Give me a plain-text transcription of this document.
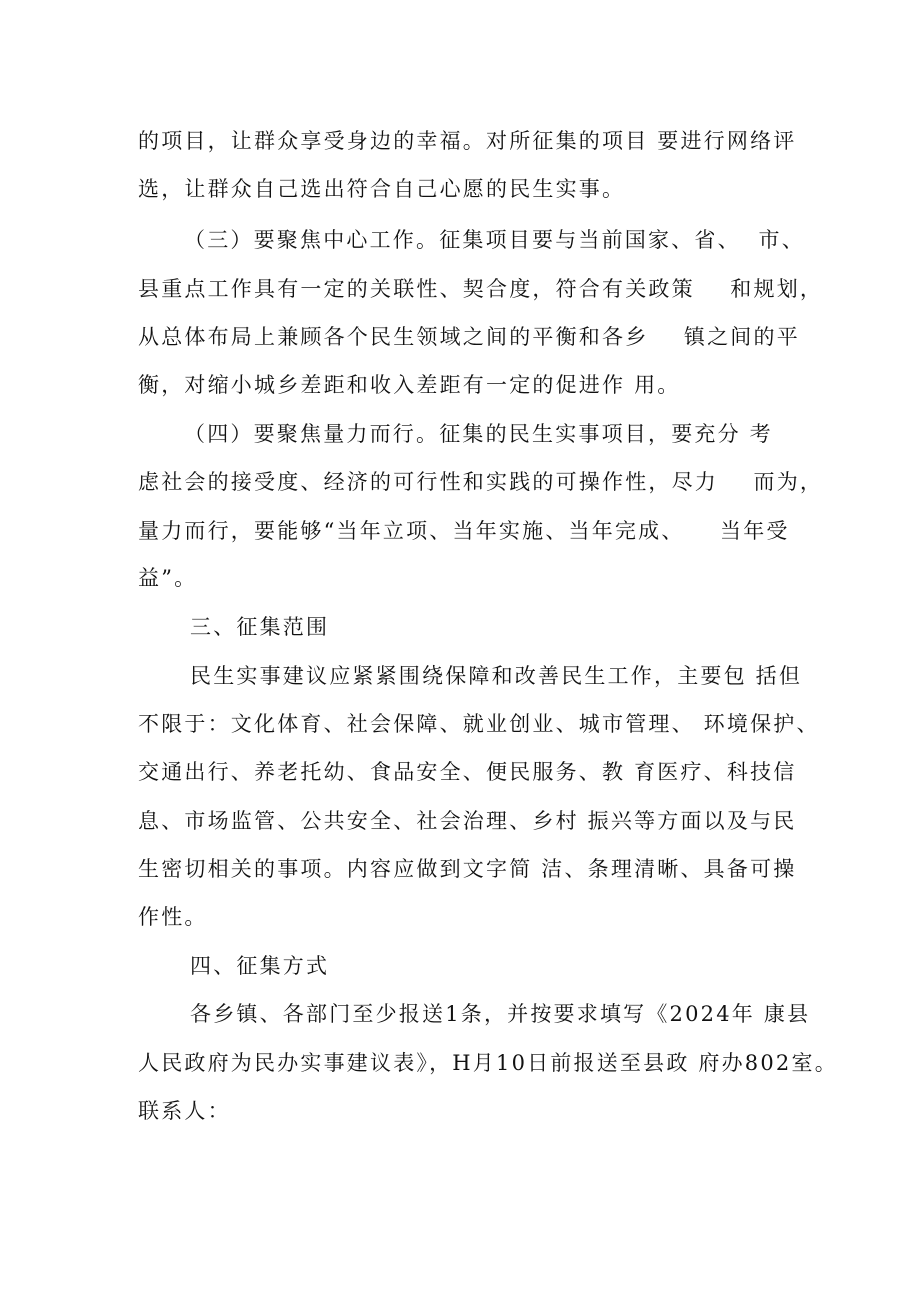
的项目，让群众享受身边的幸福。对所征集的项目 要进行网络评

选，让群众自己选出符合自己心愿的民生实事。

（三）要聚焦中心工作。征集项目要与当前国家、省、  市、

县重点工作具有一定的关联性、契合度，符合有关政策    和规划，

从总体布局上兼顾各个民生领域之间的平衡和各乡    镇之间的平

衡，对缩小城乡差距和收入差距有一定的促进作 用。

（四）要聚焦量力而行。征集的民生实事项目，要充分 考

虑社会的接受度、经济的可行性和实践的可操作性，尽力    而为，

量力而行，要能够“当年立项、当年实施、当年完成、    当年受

益”。

三、征集范围

民生实事建议应紧紧围绕保障和改善民生工作，主要包 括但

不限于：文化体育、社会保障、就业创业、城市管理、 环境保护、

交通出行、养老托幼、食品安全、便民服务、教 育医疗、科技信

息、市场监管、公共安全、社会治理、乡村 振兴等方面以及与民

生密切相关的事项。内容应做到文字简 洁、条理清晰、具备可操

作性。

四、征集方式

各乡镇、各部门至少报送1条，并按要求填写《2024年 康县

人民政府为民办实事建议表》，H月10日前报送至县政 府办802室。

联系人：
